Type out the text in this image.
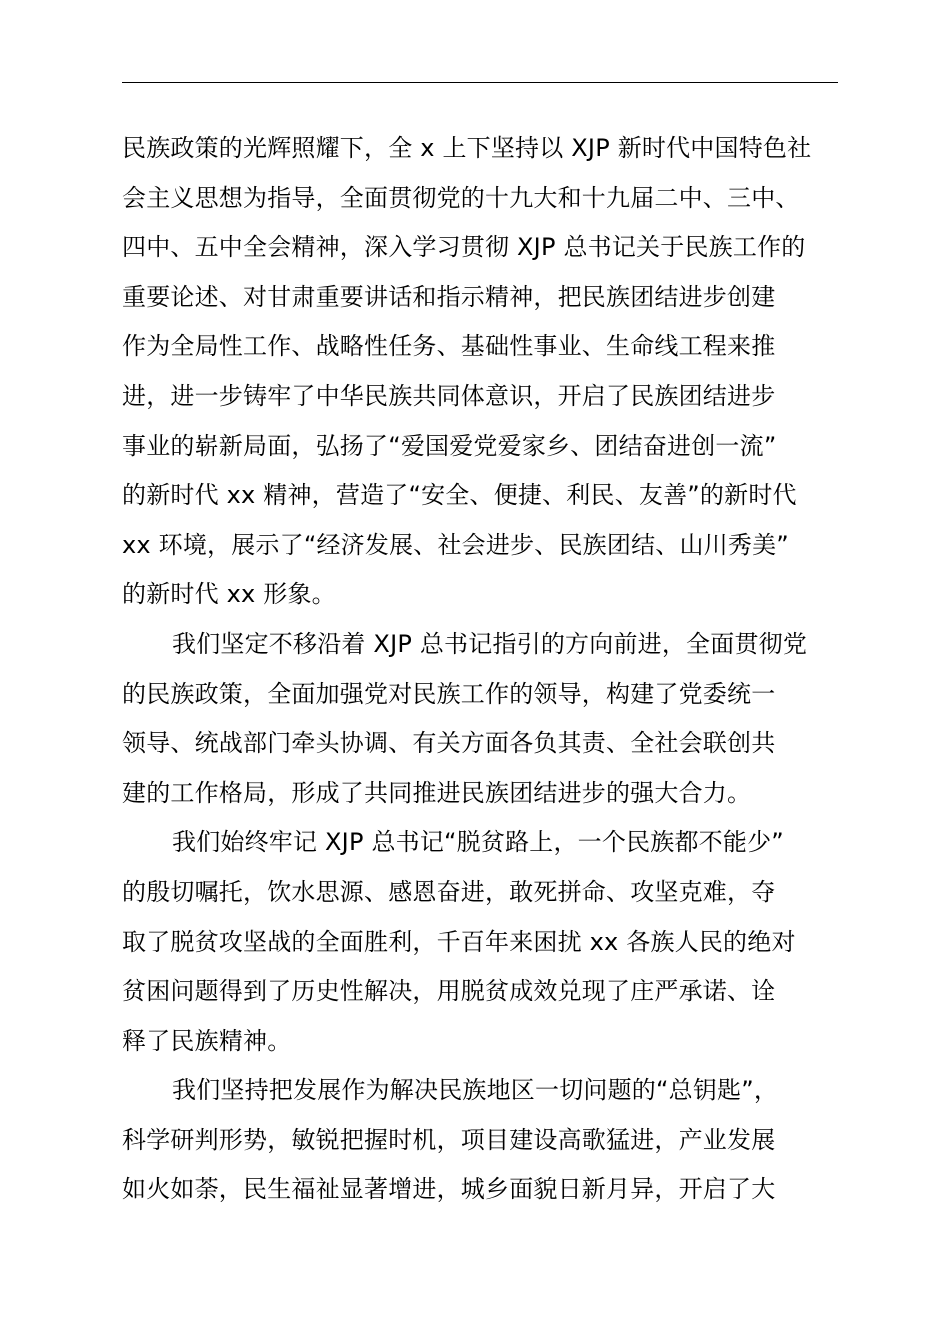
民族政策的光辉照耀下，全 x 上下坚持以 XJP 新时代中国特色社
会主义思想为指导，全面贯彻党的十九大和十九届二中、三中、
四中、五中全会精神，深入学习贯彻 XJP 总书记关于民族工作的
重要论述、对甘肃重要讲话和指示精神，把民族团结进步创建
作为全局性工作、战略性任务、基础性事业、生命线工程来推
进，进一步铸牢了中华民族共同体意识，开启了民族团结进步
事业的崭新局面，弘扬了“爱国爱党爱家乡、团结奋进创一流”
的新时代 xx 精神，营造了“安全、便捷、利民、友善”的新时代
xx 环境，展示了“经济发展、社会进步、民族团结、山川秀美”
的新时代 xx 形象。
我们坚定不移沿着 XJP 总书记指引的方向前进，全面贯彻党
的民族政策，全面加强党对民族工作的领导，构建了党委统一
领导、统战部门牵头协调、有关方面各负其责、全社会联创共
建的工作格局，形成了共同推进民族团结进步的强大合力。
我们始终牢记 XJP 总书记“脱贫路上，一个民族都不能少”
的殷切嘱托，饮水思源、感恩奋进，敢死拼命、攻坚克难，夺
取了脱贫攻坚战的全面胜利，千百年来困扰 xx 各族人民的绝对
贫困问题得到了历史性解决，用脱贫成效兑现了庄严承诺、诠
释了民族精神。
我们坚持把发展作为解决民族地区一切问题的“总钥匙”，
科学研判形势，敏锐把握时机，项目建设高歌猛进，产业发展
如火如荼，民生福祉显著增进，城乡面貌日新月异，开启了大
